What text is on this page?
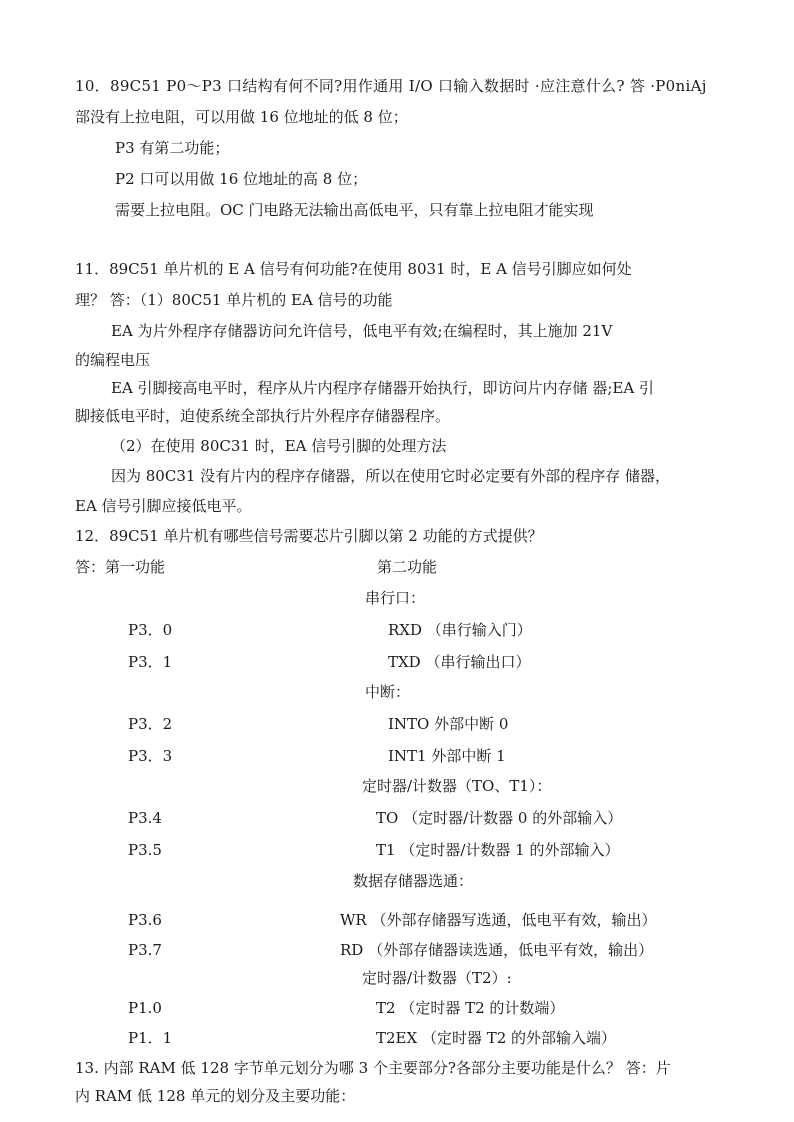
10．89C51 P0～P3 口结构有何不同?用作通用 I/O 口输入数据时 ·应注意什么? 答 ·P0niAj
部没有上拉电阻，可以用做 16 位地址的低 8 位；
P3 有第二功能；
P2 口可以用做 16 位地址的高 8 位；
需要上拉电阻。OC 门电路无法输出高低电平，只有靠上拉电阻才能实现
11．89C51 单片机的 E A 信号有何功能?在使用 8031 时，E A 信号引脚应如何处
理？ 答：（1）80C51 单片机的 EA 信号的功能
EA 为片外程序存储器访问允许信号，低电平有效;在编程时，其上施加 21V
的编程电压
EA 引脚接高电平时，程序从片内程序存储器开始执行，即访问片内存储 器;EA 引
脚接低电平时，迫使系统全部执行片外程序存储器程序。
（2）在使用 80C31 时，EA 信号引脚的处理方法
因为 80C31 没有片内的程序存储器，所以在使用它时必定要有外部的程序存 储器，
EA 信号引脚应接低电平。
12．89C51 单片机有哪些信号需要芯片引脚以第 2 功能的方式提供？
答：第一功能	第二功能
串行口：
P3．0	RXD （串行输入门）
P3．1	TXD （串行输出口）
中断：
P3．2	INTO 外部中断 0
P3．3	INT1 外部中断 1
定时器/计数器（TO、T1）：
P3.4	TO （定时器/计数器 0 的外部输入）
P3.5	T1 （定时器/计数器 1 的外部输入）
数据存储器选通：
P3.6	WR （外部存储器写选通，低电平有效，输出）
P3.7	RD （外部存储器读选通，低电平有效，输出）
定时器/计数器（T2）:
P1.0	T2 （定时器 T2 的计数端）
P1．1	T2EX （定时器 T2 的外部输入端）
13. 内部 RAM 低 128 字节单元划分为哪 3 个主要部分?各部分主要功能是什么？ 答：片
内 RAM 低 128 单元的划分及主要功能：
